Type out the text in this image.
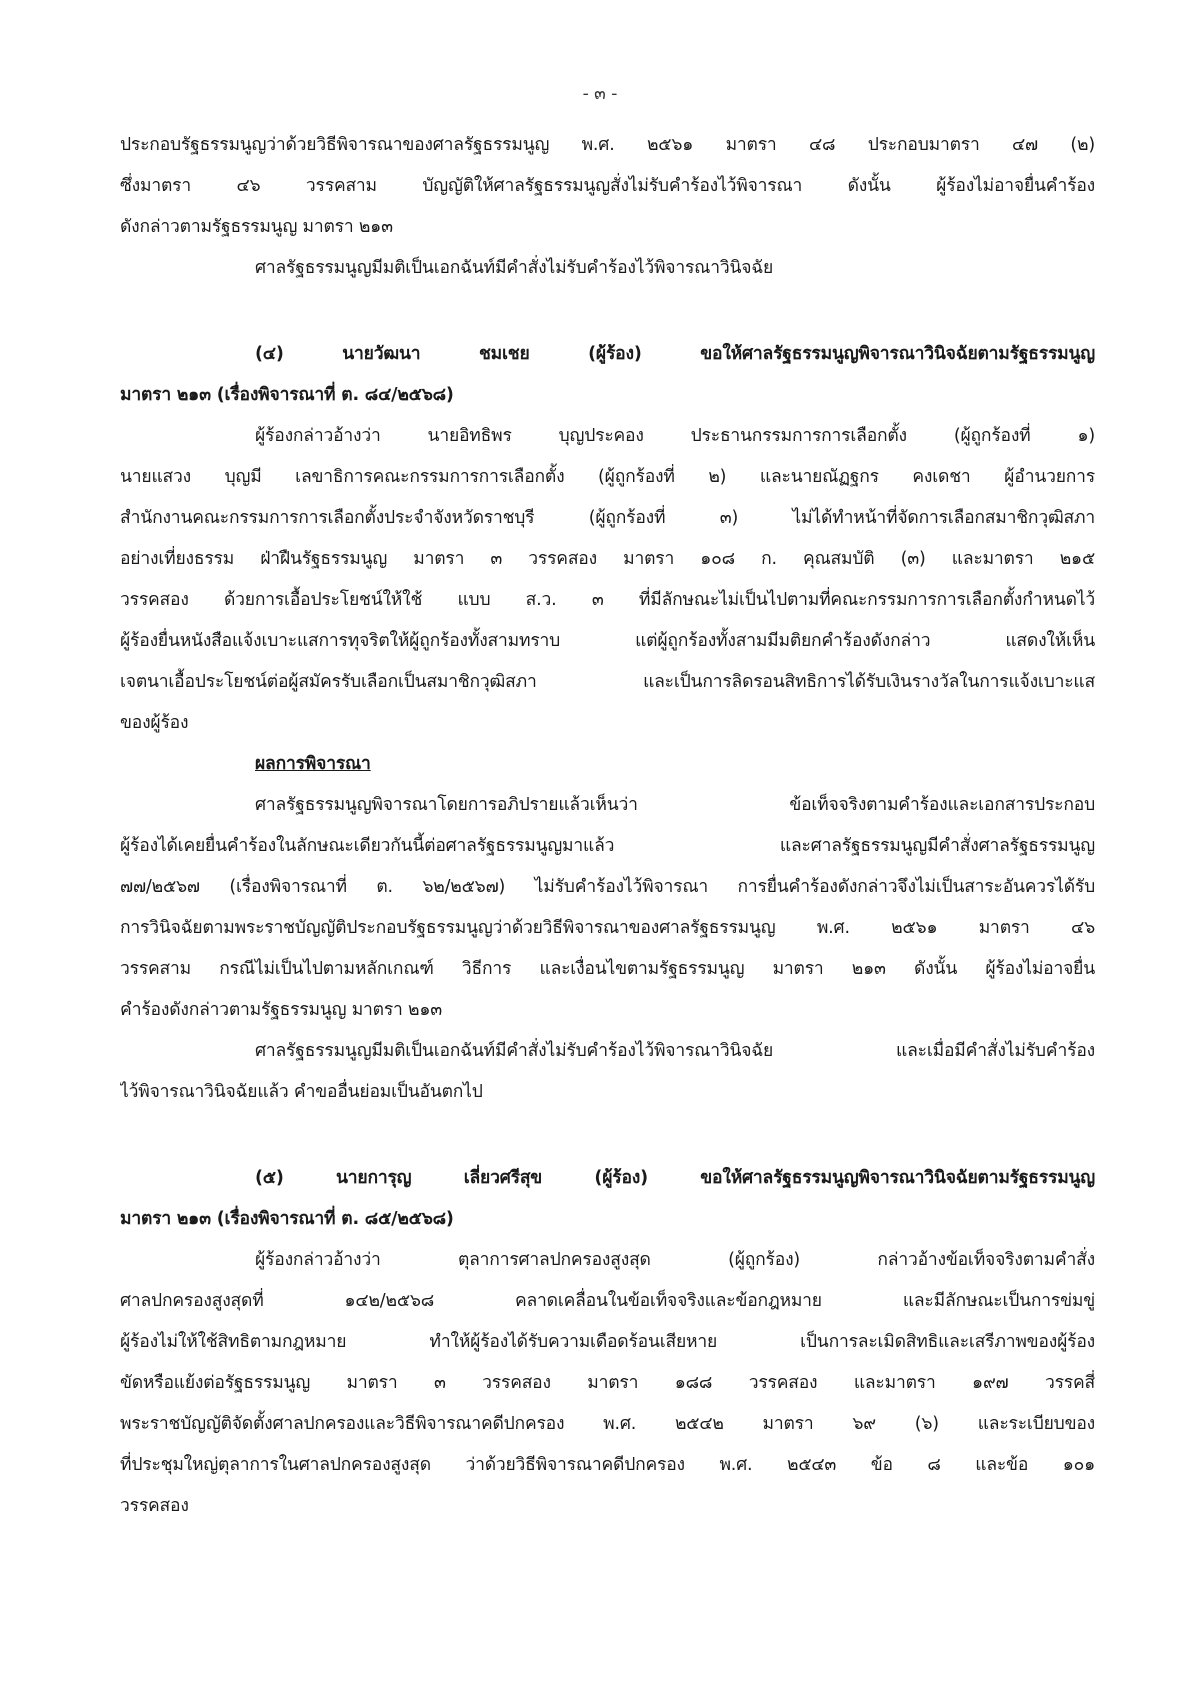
- ๓ -
ประกอบรัฐธรรมนูญว่าด้วยวิธีพิจารณาของศาลรัฐธรรมนูญ พ.ศ. ๒๕๖๑ มาตรา ๔๘ ประกอบมาตรา ๔๗ (๒)
ซึ่งมาตรา ๔๖ วรรคสาม บัญญัติให้ศาลรัฐธรรมนูญสั่งไม่รับคำร้องไว้พิจารณา ดังนั้น ผู้ร้องไม่อาจยื่นคำร้อง
ดังกล่าวตามรัฐธรรมนูญ มาตรา ๒๑๓
ศาลรัฐธรรมนูญมีมติเป็นเอกฉันท์มีคำสั่งไม่รับคำร้องไว้พิจารณาวินิจฉัย
(๔) นายวัฒนา ชมเชย (ผู้ร้อง) ขอให้ศาลรัฐธรรมนูญพิจารณาวินิจฉัยตามรัฐธรรมนูญ
มาตรา ๒๑๓ (เรื่องพิจารณาที่ ต. ๘๔/๒๕๖๘)
ผู้ร้องกล่าวอ้างว่า นายอิทธิพร บุญประคอง ประธานกรรมการการเลือกตั้ง (ผู้ถูกร้องที่ ๑)
นายแสวง บุญมี เลขาธิการคณะกรรมการการเลือกตั้ง (ผู้ถูกร้องที่ ๒) และนายณัฏฐกร คงเดชา ผู้อำนวยการ
สำนักงานคณะกรรมการการเลือกตั้งประจำจังหวัดราชบุรี (ผู้ถูกร้องที่ ๓) ไม่ได้ทำหน้าที่จัดการเลือกสมาชิกวุฒิสภา
อย่างเที่ยงธรรม ฝ่าฝืนรัฐธรรมนูญ มาตรา ๓ วรรคสอง มาตรา ๑๐๘ ก. คุณสมบัติ (๓) และมาตรา ๒๑๕
วรรคสอง ด้วยการเอื้อประโยชน์ให้ใช้ แบบ ส.ว. ๓ ที่มีลักษณะไม่เป็นไปตามที่คณะกรรมการการเลือกตั้งกำหนดไว้
ผู้ร้องยื่นหนังสือแจ้งเบาะแสการทุจริตให้ผู้ถูกร้องทั้งสามทราบ แต่ผู้ถูกร้องทั้งสามมีมติยกคำร้องดังกล่าว แสดงให้เห็น
เจตนาเอื้อประโยชน์ต่อผู้สมัครรับเลือกเป็นสมาชิกวุฒิสภา และเป็นการลิดรอนสิทธิการได้รับเงินรางวัลในการแจ้งเบาะแส
ของผู้ร้อง
ผลการพิจารณา
ศาลรัฐธรรมนูญพิจารณาโดยการอภิปรายแล้วเห็นว่า ข้อเท็จจริงตามคำร้องและเอกสารประกอบ
ผู้ร้องได้เคยยื่นคำร้องในลักษณะเดียวกันนี้ต่อศาลรัฐธรรมนูญมาแล้ว และศาลรัฐธรรมนูญมีคำสั่งศาลรัฐธรรมนูญ
๗๗/๒๕๖๗ (เรื่องพิจารณาที่ ต. ๖๒/๒๕๖๗) ไม่รับคำร้องไว้พิจารณา การยื่นคำร้องดังกล่าวจึงไม่เป็นสาระอันควรได้รับ
การวินิจฉัยตามพระราชบัญญัติประกอบรัฐธรรมนูญว่าด้วยวิธีพิจารณาของศาลรัฐธรรมนูญ พ.ศ. ๒๕๖๑ มาตรา ๔๖
วรรคสาม กรณีไม่เป็นไปตามหลักเกณฑ์ วิธีการ และเงื่อนไขตามรัฐธรรมนูญ มาตรา ๒๑๓ ดังนั้น ผู้ร้องไม่อาจยื่น
คำร้องดังกล่าวตามรัฐธรรมนูญ มาตรา ๒๑๓
ศาลรัฐธรรมนูญมีมติเป็นเอกฉันท์มีคำสั่งไม่รับคำร้องไว้พิจารณาวินิจฉัย และเมื่อมีคำสั่งไม่รับคำร้อง
ไว้พิจารณาวินิจฉัยแล้ว คำขออื่นย่อมเป็นอันตกไป
(๕) นายการุญ เลี่ยวศรีสุข (ผู้ร้อง) ขอให้ศาลรัฐธรรมนูญพิจารณาวินิจฉัยตามรัฐธรรมนูญ
มาตรา ๒๑๓ (เรื่องพิจารณาที่ ต. ๘๕/๒๕๖๘)
ผู้ร้องกล่าวอ้างว่า ตุลาการศาลปกครองสูงสุด (ผู้ถูกร้อง) กล่าวอ้างข้อเท็จจริงตามคำสั่ง
ศาลปกครองสูงสุดที่ ๑๔๒/๒๕๖๘ คลาดเคลื่อนในข้อเท็จจริงและข้อกฎหมาย และมีลักษณะเป็นการข่มขู่
ผู้ร้องไม่ให้ใช้สิทธิตามกฎหมาย ทำให้ผู้ร้องได้รับความเดือดร้อนเสียหาย เป็นการละเมิดสิทธิและเสรีภาพของผู้ร้อง
ขัดหรือแย้งต่อรัฐธรรมนูญ มาตรา ๓ วรรคสอง มาตรา ๑๘๘ วรรคสอง และมาตรา ๑๙๗ วรรคสี่
พระราชบัญญัติจัดตั้งศาลปกครองและวิธีพิจารณาคดีปกครอง พ.ศ. ๒๕๔๒ มาตรา ๖๙ (๖) และระเบียบของ
ที่ประชุมใหญ่ตุลาการในศาลปกครองสูงสุด ว่าด้วยวิธีพิจารณาคดีปกครอง พ.ศ. ๒๕๔๓ ข้อ ๘ และข้อ ๑๐๑
วรรคสอง
